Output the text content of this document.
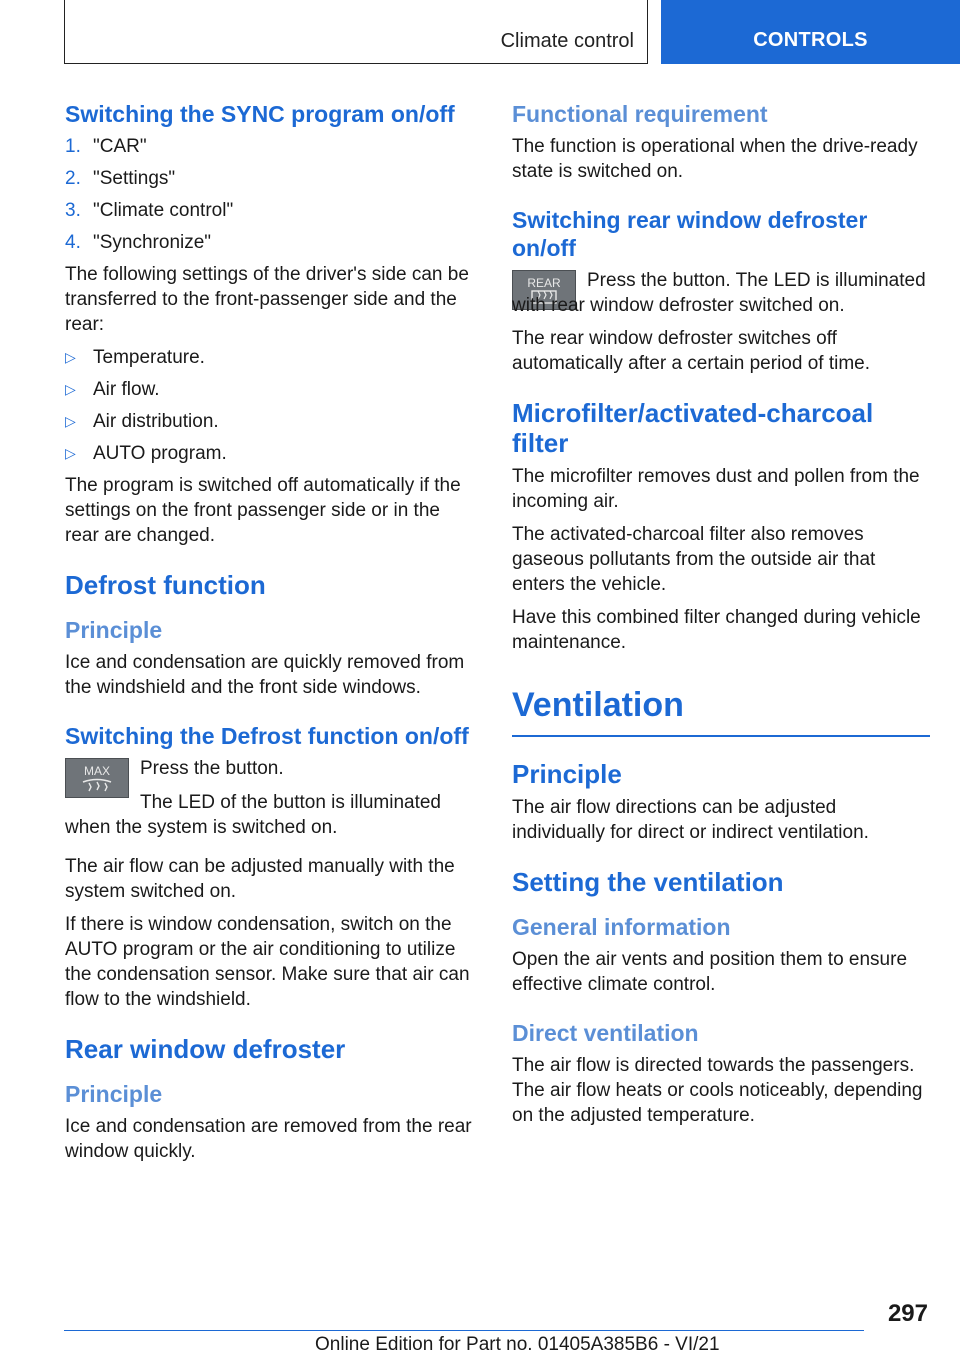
Climate control	CONTROLS
Switching the SYNC program on/off
1. "CAR"
2. "Settings"
3. "Climate control"
4. "Synchronize"

The following settings of the driver's side can be transferred to the front-passenger side and the rear:

▷ Temperature.
▷ Air flow.
▷ Air distribution.
▷ AUTO program.

The program is switched off automatically if the settings on the front passenger side or in the rear are changed.

Defrost function
Principle

Ice and condensation are quickly removed from the windshield and the front side windows.

Switching the Defrost function on/off
MAX Press the button.

The LED of the button is illuminated when the system is switched on.

The air flow can be adjusted manually with the system switched on.

If there is window condensation, switch on the AUTO program or the air conditioning to utilize the condensation sensor. Make sure that air can flow to the windshield.

Rear window defroster
Principle

Ice and condensation are removed from the rear window quickly.

Functional requirement

The function is operational when the drive-ready state is switched on.

Switching rear window defroster on/off
REAR	Press the button. The LED is illuminated with rear window defroster switched on.

The rear window defroster switches off automatically after a certain period of time.

Microfilter/activated-charcoal filter

The microfilter removes dust and pollen from the incoming air.

The activated-charcoal filter also removes gaseous pollutants from the outside air that enters the vehicle.

Have this combined filter changed during vehicle maintenance.

Ventilation
Principle

The air flow directions can be adjusted individually for direct or indirect ventilation.

Setting the ventilation
General information

Open the air vents and position them to ensure effective climate control.

Direct ventilation

The air flow is directed towards the passengers. The air flow heats or cools noticeably, depending on the adjusted temperature.

297
Online Edition for Part no. 01405A385B6 - VI/21
